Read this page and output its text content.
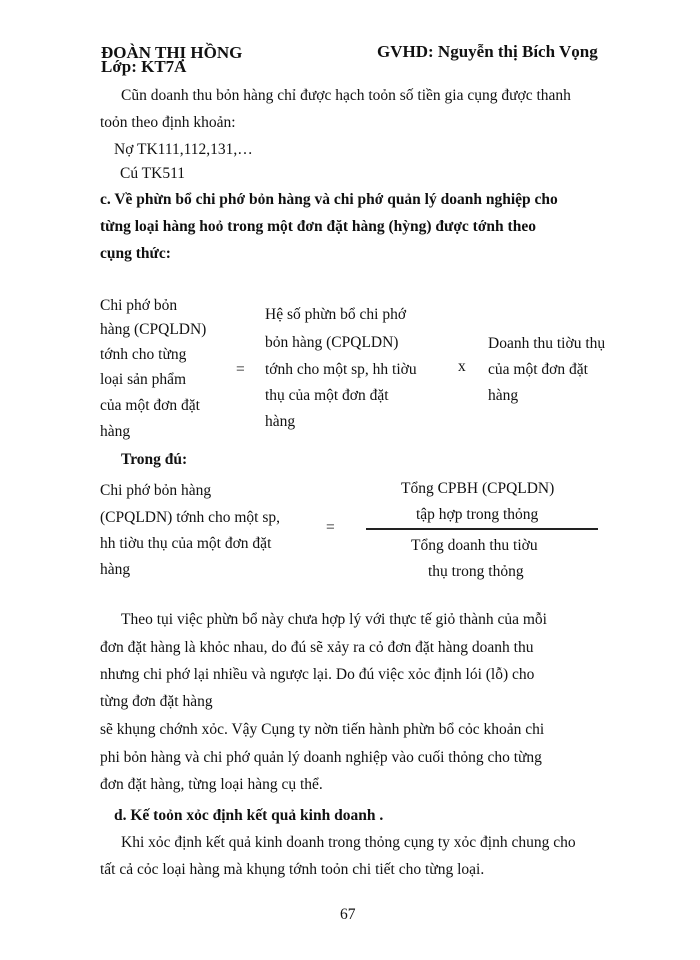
ĐOÀN THỊ HỒNG
Lớp: KT7A
GVHD: Nguyễn thị Bích Vọng
Cũn doanh thu bỏn hàng chỉ được hạch toỏn số tiền gia cụng được thanh
toỏn theo định khoản:
Nợ TK111,112,131,…
Cú TK511
c. Về phừn bổ chi phớ bỏn hàng và chi phớ quản lý doanh nghiệp cho
từng loại hàng hoỏ trong một đơn đặt hàng (hỳng) được tớnh theo
cụng thức:
Chi phớ bỏn
hàng (CPQLDN)
tớnh cho từng
loại sản phẩm
của một đơn đặt
hàng
=
Hệ số phừn bổ chi phớ
bỏn hàng (CPQLDN)
tớnh cho một sp, hh tiờu
thụ của một đơn đặt
hàng
x
Doanh thu tiờu thụ
của một đơn đặt
hàng
Trong đú:
Chi phớ bỏn hàng
(CPQLDN) tớnh cho một sp,
hh tiờu thụ của một đơn đặt
hàng
=
Tổng CPBH (CPQLDN)
tập hợp trong thỏng
Tổng doanh thu tiờu
thụ trong thỏng
Theo tụi việc phừn bổ này chưa hợp lý với thực tế giỏ thành của mỗi
đơn đặt hàng là khỏc nhau, do đú sẽ xảy ra cỏ đơn đặt hàng doanh thu
nhưng chi phớ lại nhiều và ngược lại. Do đú việc xỏc định lói (lỗ) cho
từng đơn đặt hàng
sẽ khụng chớnh xỏc. Vậy Cụng ty nờn tiến hành phừn bổ cỏc khoản chi
phi bỏn hàng và chi phớ quản lý doanh nghiệp vào cuối thỏng cho từng
đơn đặt hàng, từng loại hàng cụ thể.
d. Kế toỏn xỏc định kết quả kinh doanh .
Khi xỏc định kết quả kinh doanh trong thỏng cụng ty xỏc định chung cho
tất cả cỏc loại hàng mà khụng tớnh toỏn chi tiết cho từng loại.
67
